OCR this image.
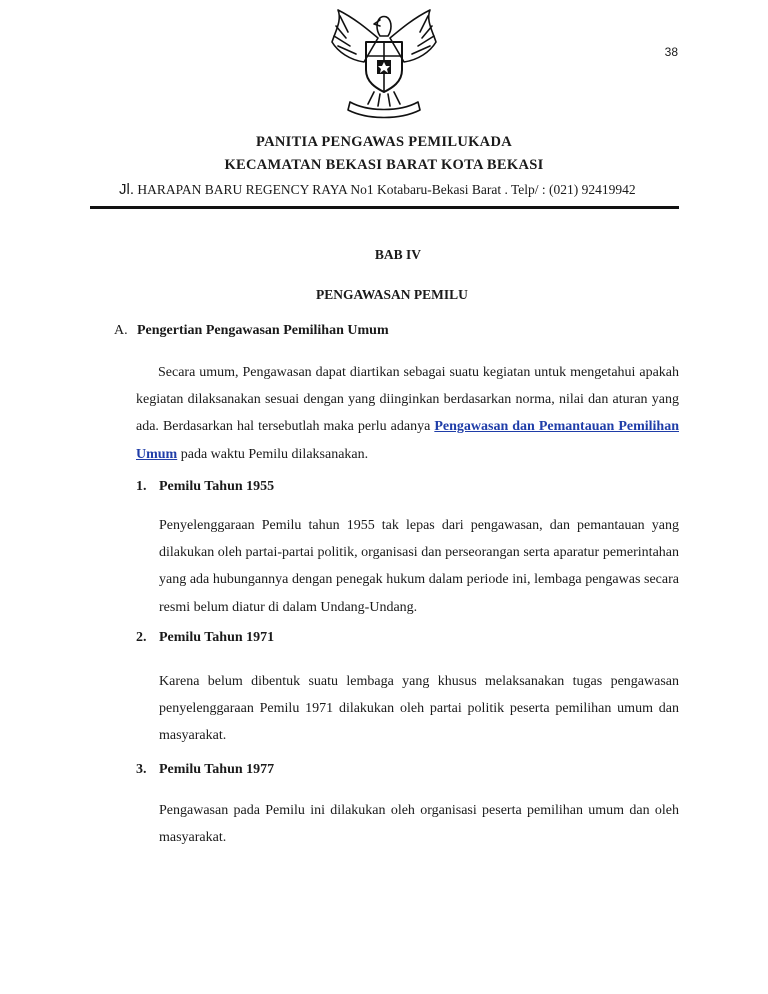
38
PANITIA PENGAWAS PEMILUKADA
KECAMATAN BEKASI BARAT KOTA BEKASI
Jl. HARAPAN BARU REGENCY RAYA No1 Kotabaru-Bekasi Barat . Telp/ : (021) 92419942
BAB IV
PENGAWASAN PEMILU
A. Pengertian Pengawasan Pemilihan Umum

Secara umum, Pengawasan dapat diartikan sebagai suatu kegiatan untuk mengetahui apakah kegiatan dilaksanakan sesuai dengan yang diinginkan berdasarkan norma, nilai dan aturan yang ada. Berdasarkan hal tersebutlah maka perlu adanya Pengawasan dan Pemantauan Pemilihan Umum pada waktu Pemilu dilaksanakan.

1. Pemilu Tahun 1955

Penyelenggaraan Pemilu tahun 1955 tak lepas dari pengawasan, dan pemantauan yang dilakukan oleh partai-partai politik, organisasi dan perseorangan serta aparatur pemerintahan yang ada hubungannya dengan penegak hukum dalam periode ini, lembaga pengawas secara resmi belum diatur di dalam Undang-Undang.

2. Pemilu Tahun 1971

Karena belum dibentuk suatu lembaga yang khusus melaksanakan tugas pengawasan penyelenggaraan Pemilu 1971 dilakukan oleh partai politik peserta pemilihan umum dan masyarakat.

3. Pemilu Tahun 1977

Pengawasan pada Pemilu ini dilakukan oleh organisasi peserta pemilihan umum dan oleh masyarakat.
